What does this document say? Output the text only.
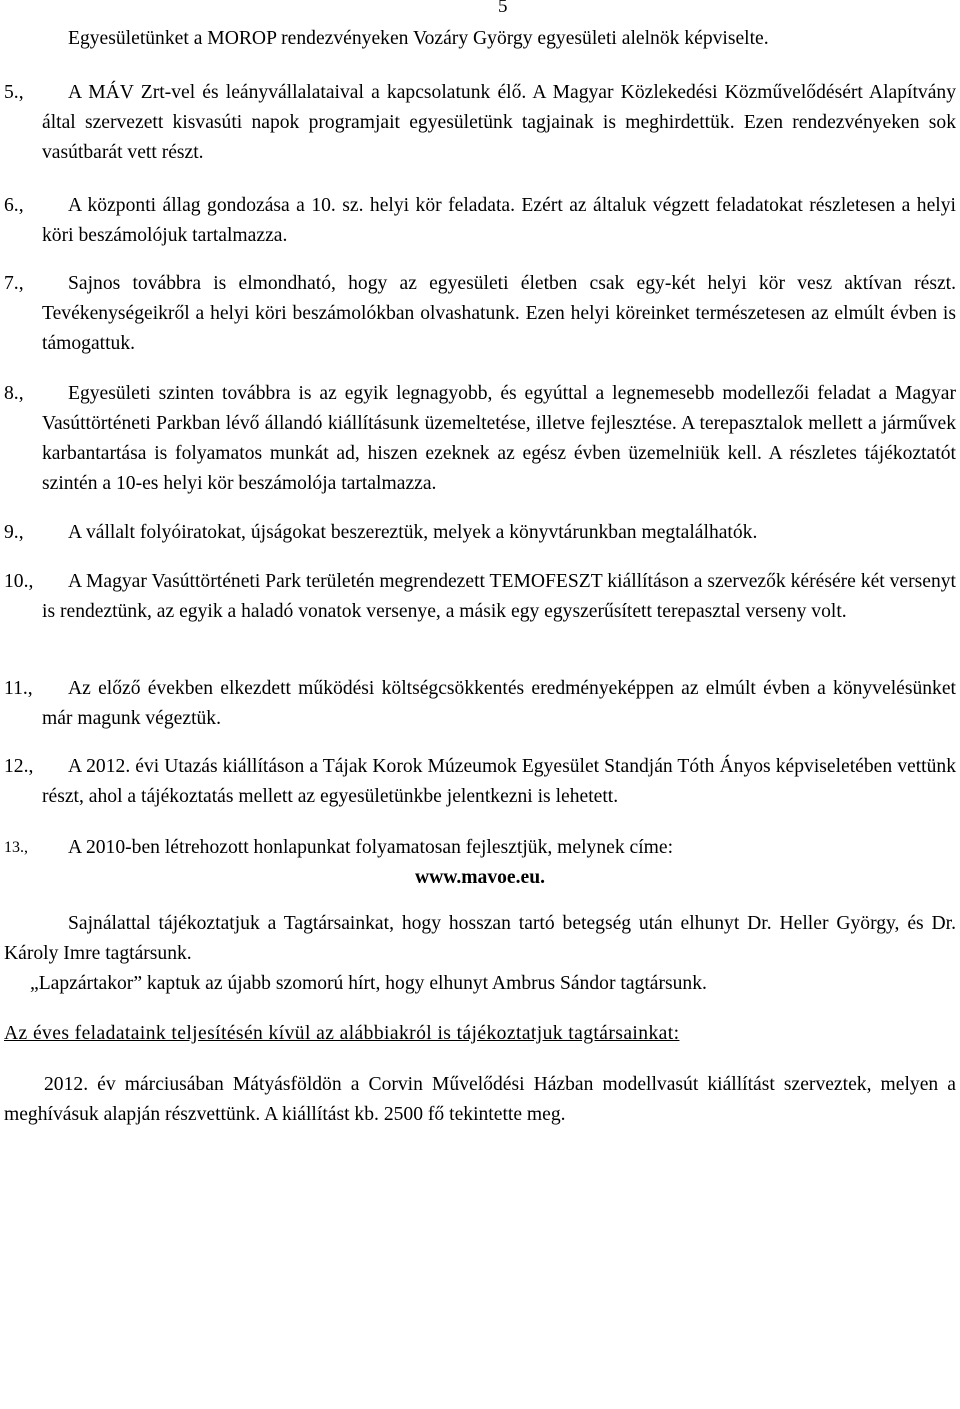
5

Egyesületünket a MOROP rendezvényeken Vozáry György egyesületi alelnök képviselte.

5.,	A MÁV Zrt-vel és leányvállalataival a kapcsolatunk élő. A Magyar Közlekedési Közművelődésért Alapítvány által szervezett kisvasúti napok programjait egyesületünk tagjainak is meghirdettük. Ezen rendezvényeken sok vasútbarát vett részt.

6.,	A központi állag gondozása a 10. sz. helyi kör feladata. Ezért az általuk végzett feladatokat részletesen a helyi köri beszámolójuk tartalmazza.

7.,	Sajnos továbbra is elmondható, hogy az egyesületi életben csak egy-két helyi kör vesz aktívan részt. Tevékenységeikről a helyi köri beszámolókban olvashatunk. Ezen helyi köreinket természetesen az elmúlt évben is támogattuk.

8.,	Egyesületi szinten továbbra is az egyik legnagyobb, és egyúttal a legnemesebb modellezői feladat a Magyar Vasúttörténeti Parkban lévő állandó kiállításunk üzemeltetése, illetve fejlesztése. A terepasztalok mellett a járművek karbantartása is folyamatos munkát ad, hiszen ezeknek az egész évben üzemelniük kell. A részletes tájékoztatót szintén a 10-es helyi kör beszámolója tartalmazza.

9.,	A vállalt folyóiratokat, újságokat beszereztük, melyek a könyvtárunkban megtalálhatók.

10.,	A Magyar Vasúttörténeti Park területén megrendezett TEMOFESZT kiállításon a szervezők kérésére két versenyt is rendeztünk, az egyik a haladó vonatok versenye, a másik egy egyszerűsített terepasztal verseny volt.

11.,	Az előző években elkezdett működési költségcsökkentés eredményeképpen az elmúlt évben a könyvelésünket már magunk végeztük.

12.,	A 2012. évi Utazás kiállításon a Tájak Korok Múzeumok Egyesület Standján Tóth Ányos képviseletében vettünk részt, ahol a tájékoztatás mellett az egyesületünkbe jelentkezni is lehetett.

13.,	A 2010-ben létrehozott honlapunkat folyamatosan fejlesztjük, melynek címe:

www.mavoe.eu.

Sajnálattal tájékoztatjuk a Tagtársainkat, hogy hosszan tartó betegség után elhunyt Dr. Heller György, és Dr. Károly Imre tagtársunk.

„Lapzártakor” kaptuk az újabb szomorú hírt, hogy elhunyt Ambrus Sándor tagtársunk.

Az éves feladataink teljesítésén kívül az alábbiakról is tájékoztatjuk tagtársainkat:

2012. év márciusában Mátyásföldön a Corvin Művelődési Házban modellvasút kiállítást szerveztek, melyen a meghívásuk alapján részvettünk. A kiállítást kb. 2500 fő tekintette meg.
